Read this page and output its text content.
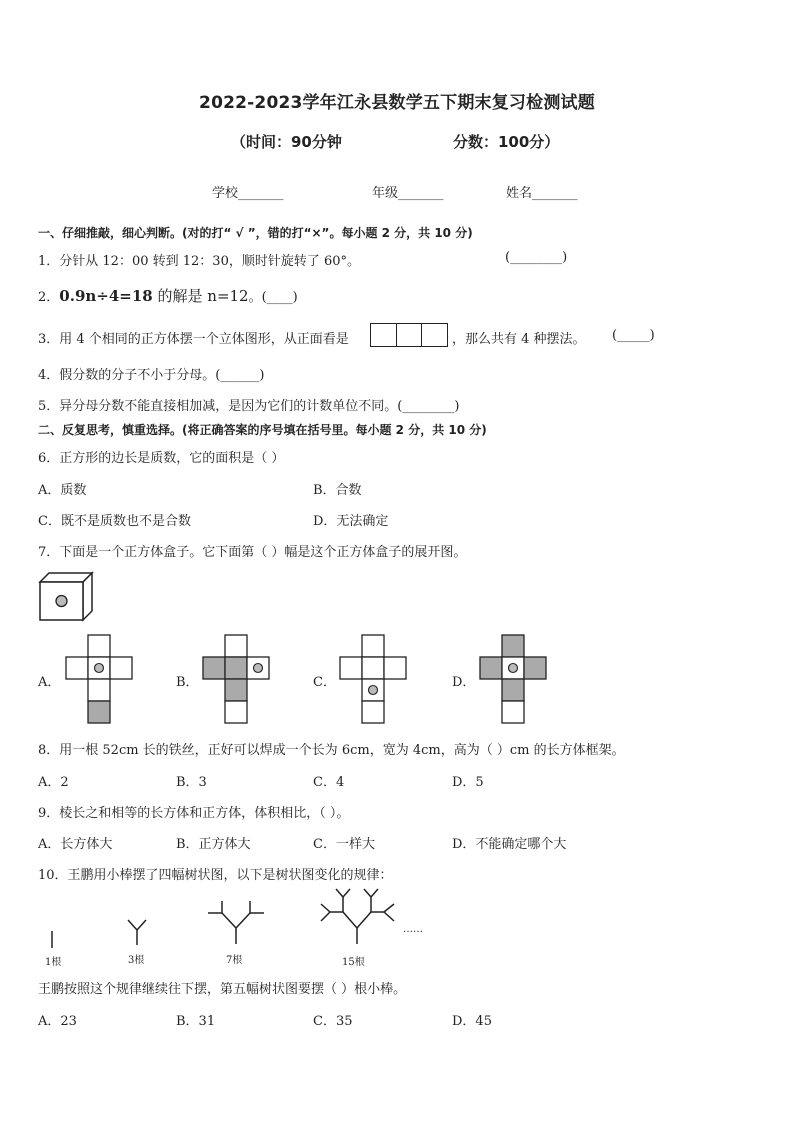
2022-2023学年江永县数学五下期末复习检测试题
（时间：90分钟	分数：100分）
学校_______	年级_______	姓名_______
一、仔细推敲，细心判断。(对的打“ √ ”，错的打“×”。每小题 2 分，共 10 分)
1．分针从 12：00 转到 12：30，顺时针旋转了 60°。	(________)
2．0.9n÷4=18 的解是 n=12。(____)
3．用 4 个相同的正方体摆一个立体图形，从正面看是	，那么共有 4 种摆法。 (_____)
4．假分数的分子不小于分母。(______)
5．异分母分数不能直接相加减，是因为它们的计数单位不同。(________)
二、反复思考，慎重选择。(将正确答案的序号填在括号里。每小题 2 分，共 10 分)
6．正方形的边长是质数，它的面积是（ ）
A．质数	B．合数
C．既不是质数也不是合数	D．无法确定
7．下面是一个正方体盒子。它下面第（ ）幅是这个正方体盒子的展开图。
A．	B．	C．	D．
8．用一根 52cm 长的铁丝，正好可以焊成一个长为 6cm，宽为 4cm，高为（ ）cm 的长方体框架。
A．2	B．3	C．4	D．5
9．棱长之和相等的长方体和正方体，体积相比，（ ）。
A．长方体大	B．正方体大	C．一样大	D．不能确定哪个大
10．王鹏用小棒摆了四幅树状图，以下是树状图变化的规律：
1根	3根	7根	15根
……
王鹏按照这个规律继续往下摆，第五幅树状图要摆（ ）根小棒。
A．23	B．31	C．35	D．45
